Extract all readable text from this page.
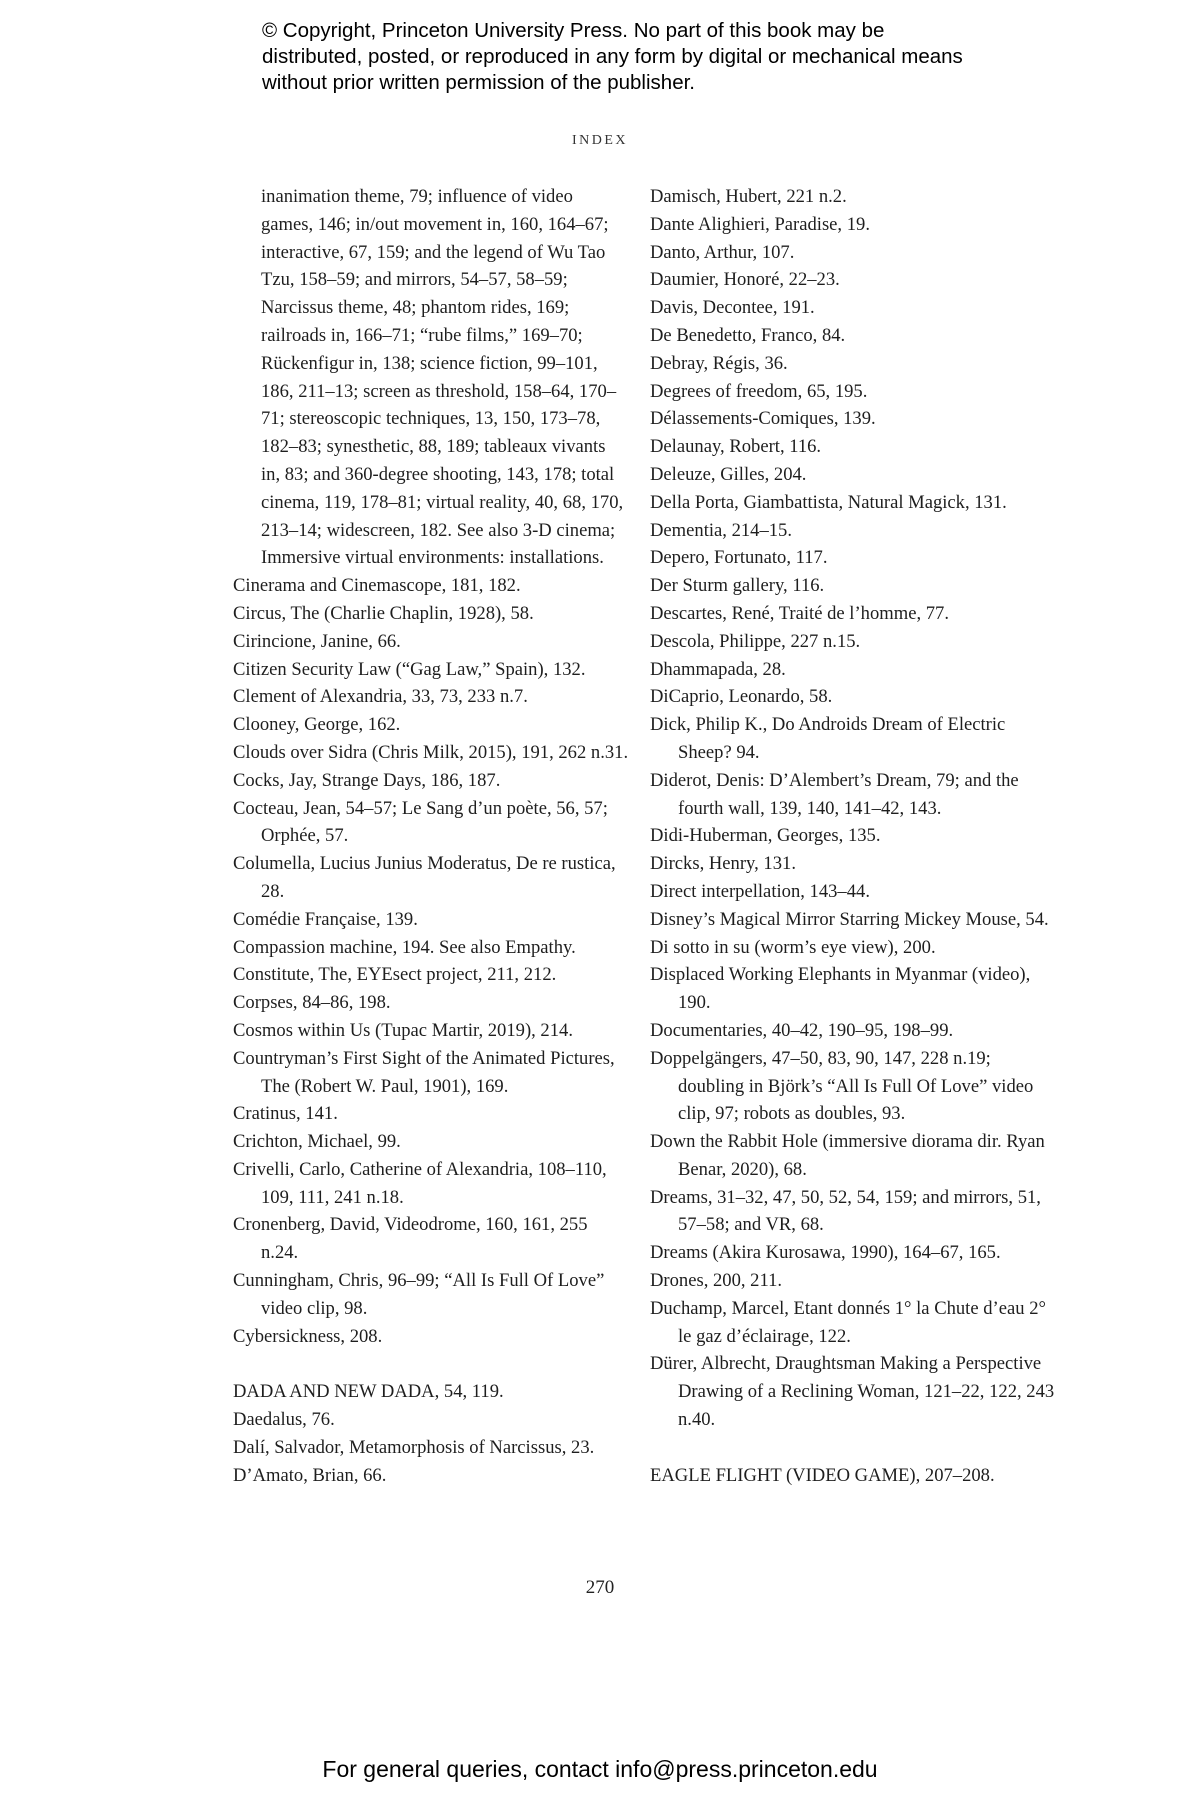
© Copyright, Princeton University Press. No part of this book may be distributed, posted, or reproduced in any form by digital or mechanical means without prior written permission of the publisher.
INDEX
inanimation theme, 79; influence of video games, 146; in/out movement in, 160, 164–67; interactive, 67, 159; and the legend of Wu Tao Tzu, 158–59; and mirrors, 54–57, 58–59; Narcissus theme, 48; phantom rides, 169; railroads in, 166–71; “rube films,” 169–70; Rückenfigur in, 138; science fiction, 99–101, 186, 211–13; screen as threshold, 158–64, 170–71; stereoscopic techniques, 13, 150, 173–78, 182–83; synesthetic, 88, 189; tableaux vivants in, 83; and 360-degree shooting, 143, 178; total cinema, 119, 178–81; virtual reality, 40, 68, 170, 213–14; widescreen, 182. See also 3-D cinema; Immersive virtual environments: installations.
Cinerama and Cinemascope, 181, 182.
Circus, The (Charlie Chaplin, 1928), 58.
Cirincione, Janine, 66.
Citizen Security Law (“Gag Law,” Spain), 132.
Clement of Alexandria, 33, 73, 233 n.7.
Clooney, George, 162.
Clouds over Sidra (Chris Milk, 2015), 191, 262 n.31.
Cocks, Jay, Strange Days, 186, 187.
Cocteau, Jean, 54–57; Le Sang d’un poète, 56, 57; Orphée, 57.
Columella, Lucius Junius Moderatus, De re rustica, 28.
Comédie Française, 139.
Compassion machine, 194. See also Empathy.
Constitute, The, EYEsect project, 211, 212.
Corpses, 84–86, 198.
Cosmos within Us (Tupac Martir, 2019), 214.
Countryman’s First Sight of the Animated Pictures, The (Robert W. Paul, 1901), 169.
Cratinus, 141.
Crichton, Michael, 99.
Crivelli, Carlo, Catherine of Alexandria, 108–110, 109, 111, 241 n.18.
Cronenberg, David, Videodrome, 160, 161, 255 n.24.
Cunningham, Chris, 96–99; “All Is Full Of Love” video clip, 98.
Cybersickness, 208.
DADA AND NEW DADA, 54, 119.
Daedalus, 76.
Dalí, Salvador, Metamorphosis of Narcissus, 23.
D’Amato, Brian, 66.
Damisch, Hubert, 221 n.2.
Dante Alighieri, Paradise, 19.
Danto, Arthur, 107.
Daumier, Honoré, 22–23.
Davis, Decontee, 191.
De Benedetto, Franco, 84.
Debray, Régis, 36.
Degrees of freedom, 65, 195.
Délassements-Comiques, 139.
Delaunay, Robert, 116.
Deleuze, Gilles, 204.
Della Porta, Giambattista, Natural Magick, 131.
Dementia, 214–15.
Depero, Fortunato, 117.
Der Sturm gallery, 116.
Descartes, René, Traité de l’homme, 77.
Descola, Philippe, 227 n.15.
Dhammapada, 28.
DiCaprio, Leonardo, 58.
Dick, Philip K., Do Androids Dream of Electric Sheep? 94.
Diderot, Denis: D’Alembert’s Dream, 79; and the fourth wall, 139, 140, 141–42, 143.
Didi-Huberman, Georges, 135.
Dircks, Henry, 131.
Direct interpellation, 143–44.
Disney’s Magical Mirror Starring Mickey Mouse, 54.
Di sotto in su (worm’s eye view), 200.
Displaced Working Elephants in Myanmar (video), 190.
Documentaries, 40–42, 190–95, 198–99.
Doppelgängers, 47–50, 83, 90, 147, 228 n.19; doubling in Björk’s “All Is Full Of Love” video clip, 97; robots as doubles, 93.
Down the Rabbit Hole (immersive diorama dir. Ryan Benar, 2020), 68.
Dreams, 31–32, 47, 50, 52, 54, 159; and mirrors, 51, 57–58; and VR, 68.
Dreams (Akira Kurosawa, 1990), 164–67, 165.
Drones, 200, 211.
Duchamp, Marcel, Etant donnés 1° la Chute d’eau 2° le gaz d’éclairage, 122.
Dürer, Albrecht, Draughtsman Making a Perspective Drawing of a Reclining Woman, 121–22, 122, 243 n.40.
EAGLE FLIGHT (VIDEO GAME), 207–208.
270
For general queries, contact info@press.princeton.edu
